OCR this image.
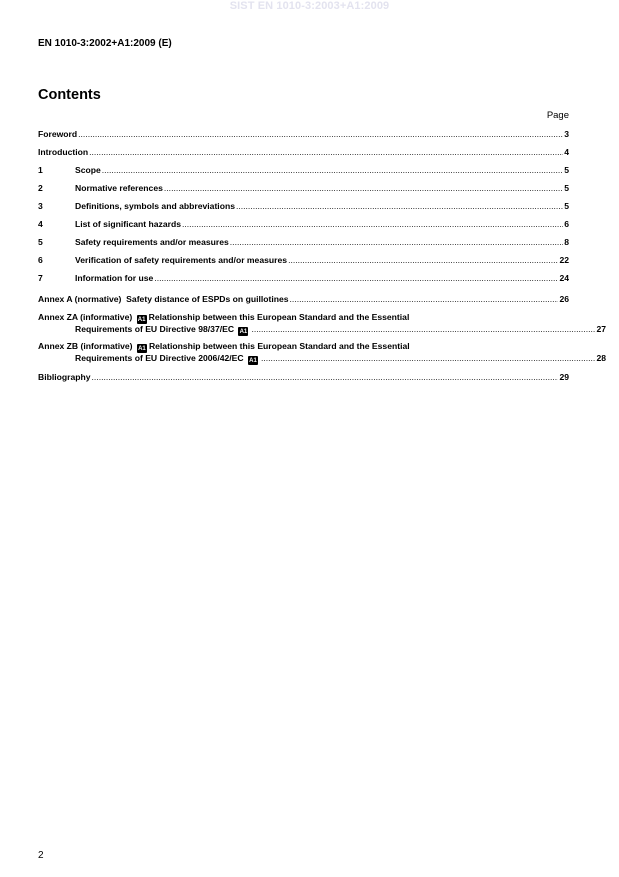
SIST EN 1010-3:2003+A1:2009
EN 1010-3:2002+A1:2009 (E)
Contents
Page
Foreword .....	3
Introduction .....	4
1	Scope .....	5
2	Normative references .....	5
3	Definitions, symbols and abbreviations .....	5
4	List of significant hazards .....	6
5	Safety requirements and/or measures .....	8
6	Verification of safety requirements and/or measures .....	22
7	Information for use .....	24
Annex A (normative)  Safety distance of ESPDs on guillotines .....	26
Annex ZA (informative) A1 Relationship between this European Standard and the Essential
Requirements of EU Directive 98/37/EC A1 .....	27
Annex ZB (informative) A1 Relationship between this European Standard and the Essential
Requirements of EU Directive 2006/42/EC A1 .....	28
Bibliography .....	29
2
